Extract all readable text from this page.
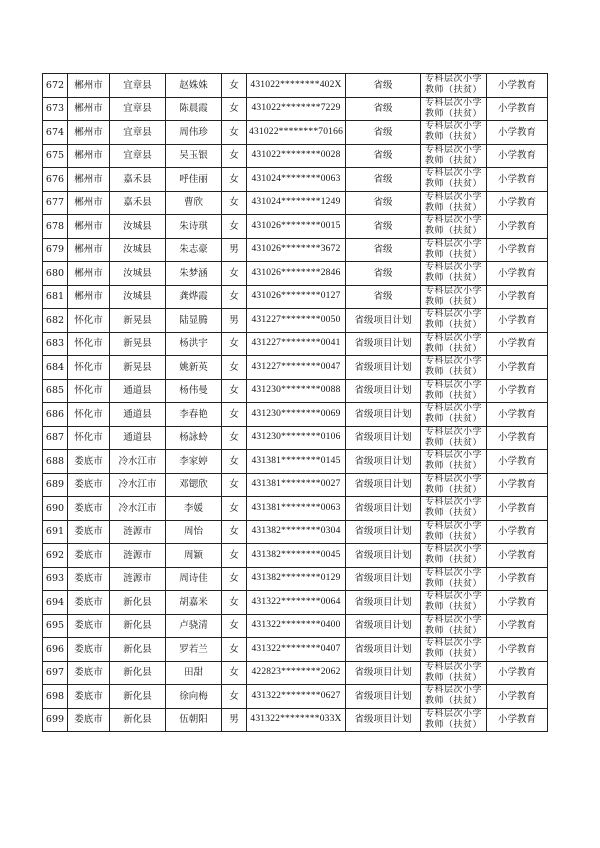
672	郴州市	宜章县	赵姝姝	女	431022********402X	省级	专科层次小学教师（扶贫）	小学教育
673	郴州市	宜章县	陈晨霞	女	431022********7229	省级	专科层次小学教师（扶贫）	小学教育
674	郴州市	宜章县	周伟珍	女	431022********70166	省级	专科层次小学教师（扶贫）	小学教育
675	郴州市	宜章县	吴玉银	女	431022********0028	省级	专科层次小学教师（扶贫）	小学教育
676	郴州市	嘉禾县	呼佳丽	女	431024********0063	省级	专科层次小学教师（扶贫）	小学教育
677	郴州市	嘉禾县	曹欣	女	431024********1249	省级	专科层次小学教师（扶贫）	小学教育
678	郴州市	汝城县	朱诗琪	女	431026********0015	省级	专科层次小学教师（扶贫）	小学教育
679	郴州市	汝城县	朱志豪	男	431026********3672	省级	专科层次小学教师（扶贫）	小学教育
680	郴州市	汝城县	朱梦涵	女	431026********2846	省级	专科层次小学教师（扶贫）	小学教育
681	郴州市	汝城县	龚烨霞	女	431026********0127	省级	专科层次小学教师（扶贫）	小学教育
682	怀化市	新晃县	陆显腾	男	431227********0050	省级项目计划	专科层次小学教师（扶贫）	小学教育
683	怀化市	新晃县	杨洪宇	女	431227********0041	省级项目计划	专科层次小学教师（扶贫）	小学教育
684	怀化市	新晃县	姚新英	女	431227********0047	省级项目计划	专科层次小学教师（扶贫）	小学教育
685	怀化市	通道县	杨伟曼	女	431230********0088	省级项目计划	专科层次小学教师（扶贫）	小学教育
686	怀化市	通道县	李春艳	女	431230********0069	省级项目计划	专科层次小学教师（扶贫）	小学教育
687	怀化市	通道县	杨詠蛉	女	431230********0106	省级项目计划	专科层次小学教师（扶贫）	小学教育
688	娄底市	冷水江市	李家婷	女	431381********0145	省级项目计划	专科层次小学教师（扶贫）	小学教育
689	娄底市	冷水江市	邓锶欣	女	431381********0027	省级项目计划	专科层次小学教师（扶贫）	小学教育
690	娄底市	冷水江市	李媛	女	431381********0063	省级项目计划	专科层次小学教师（扶贫）	小学教育
691	娄底市	涟源市	周怡	女	431382********0304	省级项目计划	专科层次小学教师（扶贫）	小学教育
692	娄底市	涟源市	周颖	女	431382********0045	省级项目计划	专科层次小学教师（扶贫）	小学教育
693	娄底市	涟源市	周诗佳	女	431382********0129	省级项目计划	专科层次小学教师（扶贫）	小学教育
694	娄底市	新化县	胡嘉米	女	431322********0064	省级项目计划	专科层次小学教师（扶贫）	小学教育
695	娄底市	新化县	卢骁清	女	431322********0400	省级项目计划	专科层次小学教师（扶贫）	小学教育
696	娄底市	新化县	罗若兰	女	431322********0407	省级项目计划	专科层次小学教师（扶贫）	小学教育
697	娄底市	新化县	田甜	女	422823********2062	省级项目计划	专科层次小学教师（扶贫）	小学教育
698	娄底市	新化县	徐向梅	女	431322********0627	省级项目计划	专科层次小学教师（扶贫）	小学教育
699	娄底市	新化县	伍朝阳	男	431322********033X	省级项目计划	专科层次小学教师（扶贫）	小学教育
